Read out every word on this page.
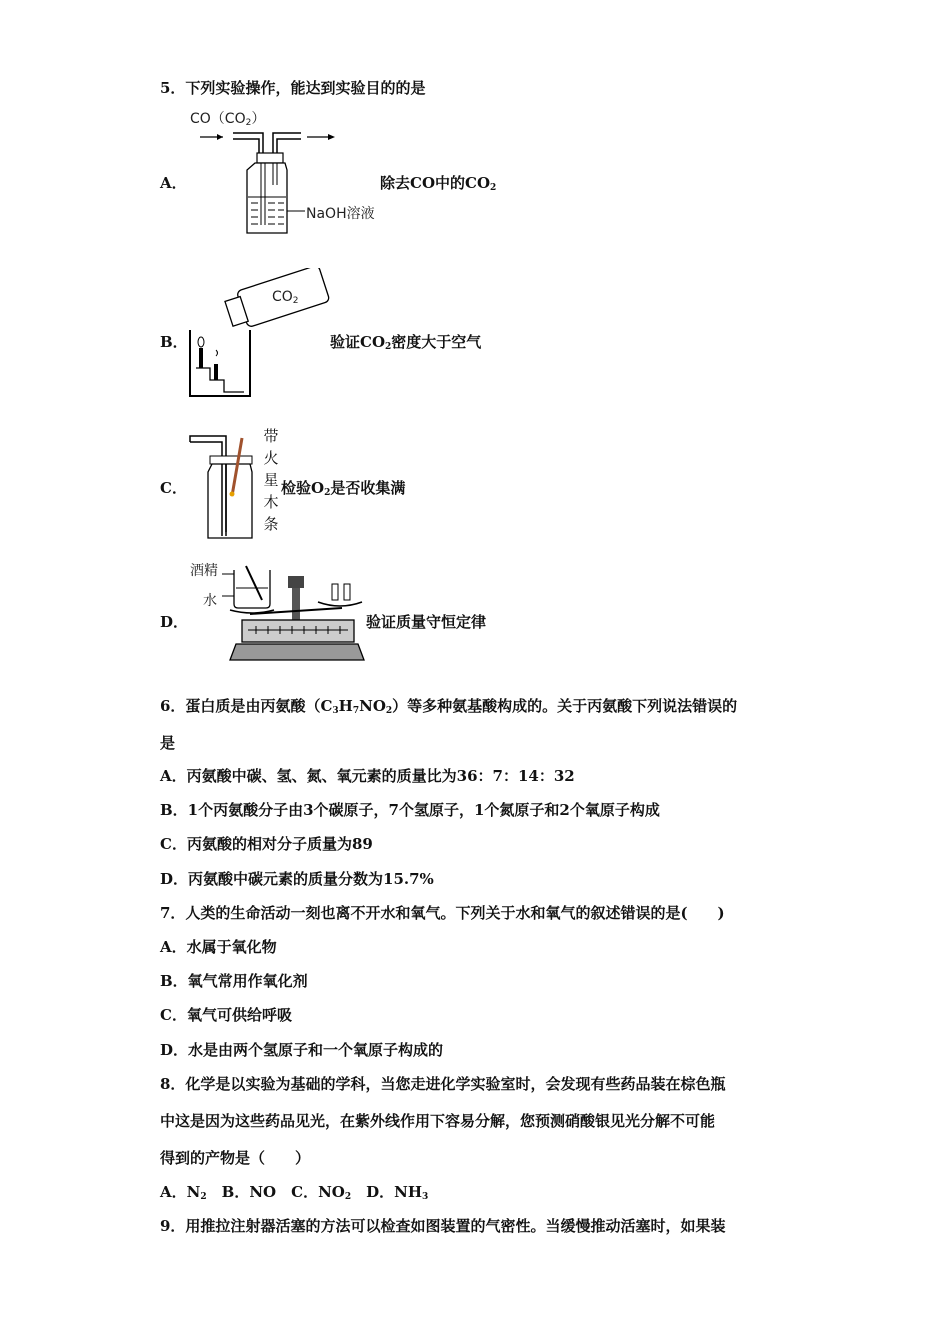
5．下列实验操作，能达到实验目的的是
A．
$CO(CO_2)$
NaOH溶液
除去CO中的$CO_2$
B．
$CO_2$
验证$CO_2$密度大于空气
C．
带
火
星
木
条
检验$O_2$是否收集满
D．
酒精
水
验证质量守恒定律
6．蛋白质是由丙氨酸$(C_3H_7NO_2)$等多种氨基酸构成的。关于丙氨酸下列说法错误的
是
A．丙氨酸中碳、氢、氮、氧元素的质量比为36：7：14：32
B．1个丙氨酸分子由3个碳原子，7个氢原子，1个氮原子和2个氧原子构成
C．丙氨酸的相对分子质量为89
D．丙氨酸中碳元素的质量分数为15.7%
7．人类的生命活动一刻也离不开水和氧气。下列关于水和氧气的叙述错误的是(　　)
A．水属于氧化物
B．氧气常用作氧化剂
C．氧气可供给呼吸
D．水是由两个氢原子和一个氧原子构成的
8．化学是以实验为基础的学科，当您走进化学实验室时，会发现有些药品装在棕色瓶
中这是因为这些药品见光，在紫外线作用下容易分解，您预测硝酸银见光分解不可能
得到的产物是（　　）
A．$N_2$　 B．NO　 C．$NO_2$　 D．$NH_3$
9．用推拉注射器活塞的方法可以检查如图装置的气密性。当缓慢推动活塞时，如果装
